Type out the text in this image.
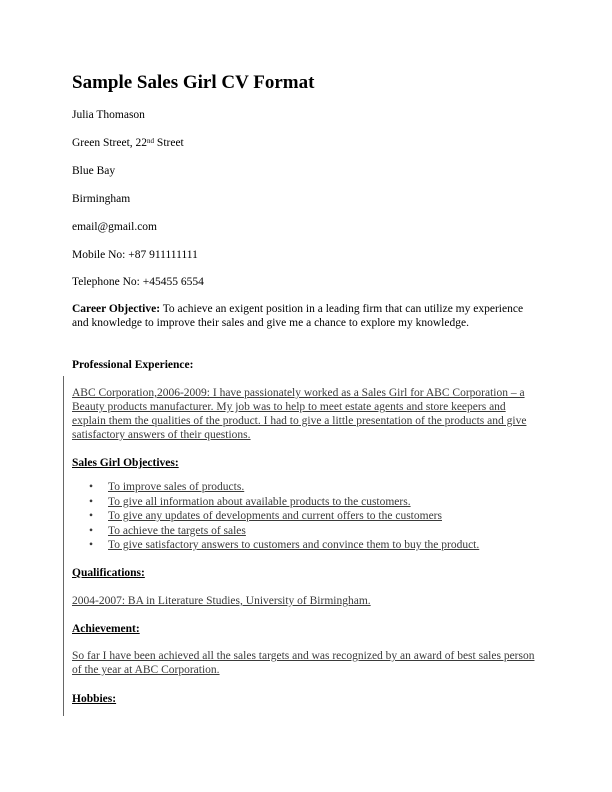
Sample Sales Girl CV Format
Julia Thomason
Green Street, 22nd Street
Blue Bay
Birmingham
email@gmail.com
Mobile No: +87 911111111
Telephone No: +45455 6554
Career Objective: To achieve an exigent position in a leading firm that can utilize my experience and knowledge to improve their sales and give me a chance to explore my knowledge.
Professional Experience:
ABC Corporation,2006-2009: I have passionately worked as a Sales Girl for ABC Corporation – a Beauty products manufacturer. My job was to help to meet estate agents and store keepers and explain them the qualities of the product. I had to give a little presentation of the products and give satisfactory answers of their questions.
Sales Girl Objectives:
• To improve sales of products.
• To give all information about available products to the customers.
• To give any updates of developments and current offers to the customers
• To achieve the targets of sales
• To give satisfactory answers to customers and convince them to buy the product.
Qualifications:
2004-2007: BA in Literature Studies, University of Birmingham.
Achievement:
So far I have been achieved all the sales targets and was recognized by an award of best sales person of the year at ABC Corporation.
Hobbies:
